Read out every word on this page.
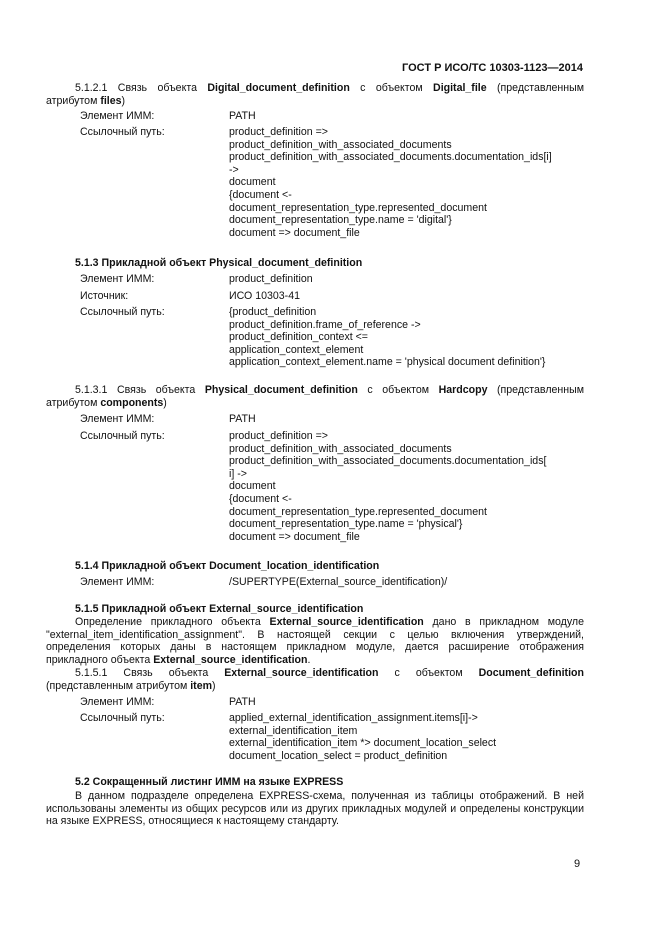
ГОСТ Р ИСО/ТС 10303-1123—2014
5.1.2.1 Связь объекта Digital_document_definition с объектом Digital_file (представленным атрибутом files)
Элемент ИММ:	PATH
Ссылочный путь:	product_definition =>
product_definition_with_associated_documents
product_definition_with_associated_documents.documentation_ids[i]
->
document
{document <-
document_representation_type.represented_document
document_representation_type.name = 'digital'}
document => document_file
5.1.3 Прикладной объект Physical_document_definition
Элемент ИММ:	product_definition
Источник:	ИСО 10303-41
Ссылочный путь:	{product_definition
product_definition.frame_of_reference ->
product_definition_context <=
application_context_element
application_context_element.name = 'physical document definition'}
5.1.3.1 Связь объекта Physical_document_definition с объектом Hardcopy (представленным атрибутом components)
Элемент ИММ:	PATH
Ссылочный путь:	product_definition =>
product_definition_with_associated_documents
product_definition_with_associated_documents.documentation_ids[
i] ->
document
{document <-
document_representation_type.represented_document
document_representation_type.name = 'physical'}
document => document_file
5.1.4 Прикладной объект Document_location_identification
Элемент ИММ:	/SUPERTYPE(External_source_identification)/
5.1.5 Прикладной объект External_source_identification
Определение прикладного объекта External_source_identification дано в прикладном модуле "external_item_identification_assignment". В настоящей секции с целью включения утверждений, определения которых даны в настоящем прикладном модуле, дается расширение отображения прикладного объекта External_source_identification.
5.1.5.1 Связь объекта External_source_identification с объектом Document_definition (представленным атрибутом item)
Элемент ИММ:	PATH
Ссылочный путь:	applied_external_identification_assignment.items[i]->
external_identification_item
external_identification_item *> document_location_select
document_location_select = product_definition
5.2 Сокращенный листинг ИММ на языке EXPRESS
В данном подразделе определена EXPRESS-схема, полученная из таблицы отображений. В ней использованы элементы из общих ресурсов или из других прикладных модулей и определены конструкции на языке EXPRESS, относящиеся к настоящему стандарту.
9
